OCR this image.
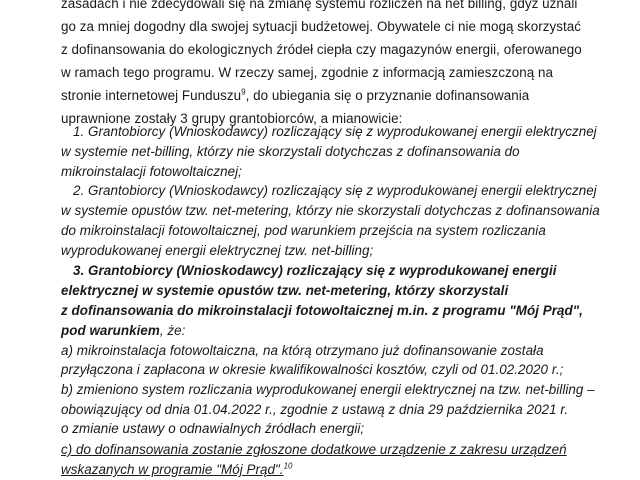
zasadach i nie zdecydowali się na zmianę systemu rozliczeń na net billing, gdyż uznali
go za mniej dogodny dla swojej sytuacji budżetowej. Obywatele ci nie mogą skorzystać
z dofinansowania do ekologicznych źródeł ciepła czy magazynów energii, oferowanego
w ramach tego programu. W rzeczy samej, zgodnie z informacją zamieszczoną na
stronie internetowej Funduszu$^9$, do ubiegania się o przyznanie dofinansowania
uprawnione zostały 3 grupy grantobiorców, a mianowicie:
1. Grantobiorcy (Wnioskodawcy) rozliczający się z wyprodukowanej energii elektrycznej
w systemie net-billing, którzy nie skorzystali dotychczas z dofinansowania do
mikroinstalacji fotowoltaicznej;
2. Grantobiorcy (Wnioskodawcy) rozliczający się z wyprodukowanej energii elektrycznej
w systemie opustów tzw. net-metering, którzy nie skorzystali dotychczas z dofinansowania
do mikroinstalacji fotowoltaicznej, pod warunkiem przejścia na system rozliczania
wyprodukowanej energii elektrycznej tzw. net-billing;
3. Grantobiorcy (Wnioskodawcy) rozliczający się z wyprodukowanej energii
elektrycznej w systemie opustów tzw. net-metering, którzy skorzystali
z dofinansowania do mikroinstalacji fotowoltaicznej m.in. z programu "Mój Prąd",
pod warunkiem, że:
a) mikroinstalacja fotowoltaiczna, na którą otrzymano już dofinansowanie została
przyłączona i zapłacona w okresie kwalifikowalności kosztów, czyli od 01.02.2020 r.;
b) zmieniono system rozliczania wyprodukowanej energii elektrycznej na tzw. net-billing –
obowiązujący od dnia 01.04.2022 r., zgodnie z ustawą z dnia 29 października 2021 r.
o zmianie ustawy o odnawialnych źródłach energii;
c) do dofinansowania zostanie zgłoszone dodatkowe urządzenie z zakresu urządzeń
wskazanych w programie "Mój Prąd".$^{10}$
